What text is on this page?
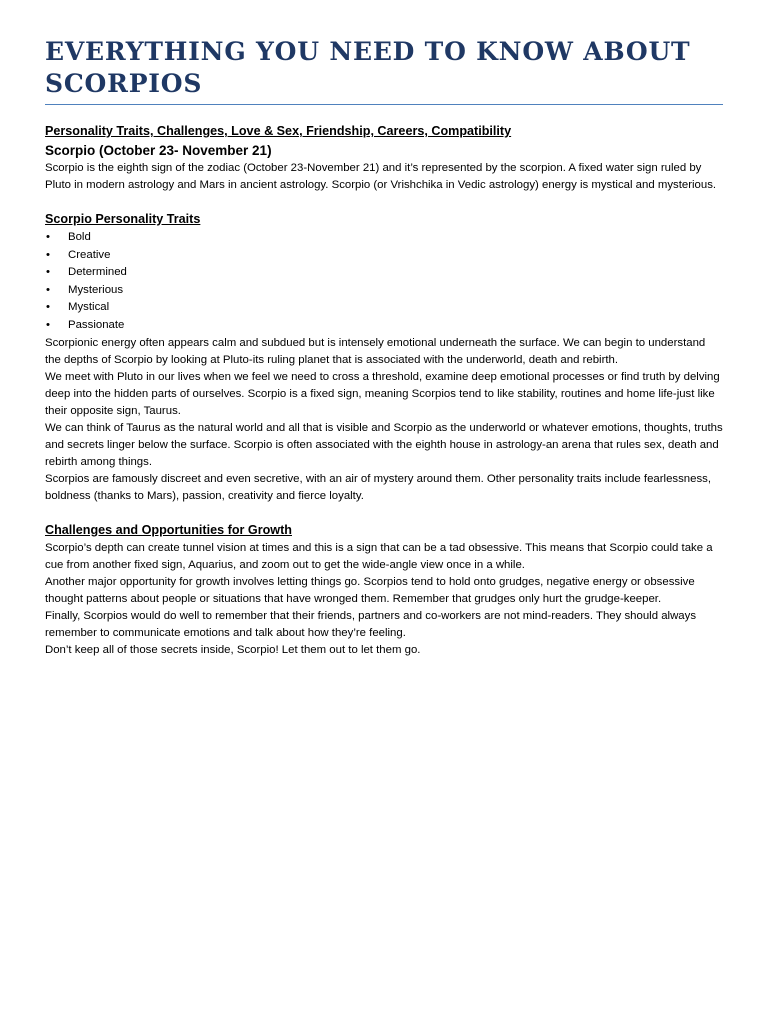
EVERYTHING YOU NEED TO KNOW ABOUT SCORPIOS
Personality Traits, Challenges, Love & Sex, Friendship, Careers, Compatibility
Scorpio (October 23- November 21)

Scorpio is the eighth sign of the zodiac (October 23-November 21) and it’s represented by the scorpion. A fixed water sign ruled by Pluto in modern astrology and Mars in ancient astrology. Scorpio (or Vrishchika in Vedic astrology) energy is mystical and mysterious.

Scorpio Personality Traits
• Bold
• Creative
• Determined
• Mysterious
• Mystical
• Passionate

Scorpionic energy often appears calm and subdued but is intensely emotional underneath the surface. We can begin to understand the depths of Scorpio by looking at Pluto-its ruling planet that is associated with the underworld, death and rebirth.

We meet with Pluto in our lives when we feel we need to cross a threshold, examine deep emotional processes or find truth by delving deep into the hidden parts of ourselves. Scorpio is a fixed sign, meaning Scorpios tend to like stability, routines and home life-just like their opposite sign, Taurus.

We can think of Taurus as the natural world and all that is visible and Scorpio as the underworld or whatever emotions, thoughts, truths and secrets linger below the surface. Scorpio is often associated with the eighth house in astrology-an arena that rules sex, death and rebirth among things.

Scorpios are famously discreet and even secretive, with an air of mystery around them. Other personality traits include fearlessness, boldness (thanks to Mars), passion, creativity and fierce loyalty.

Challenges and Opportunities for Growth

Scorpio’s depth can create tunnel vision at times and this is a sign that can be a tad obsessive. This means that Scorpio could take a cue from another fixed sign, Aquarius, and zoom out to get the wide-angle view once in a while.

Another major opportunity for growth involves letting things go. Scorpios tend to hold onto grudges, negative energy or obsessive thought patterns about people or situations that have wronged them. Remember that grudges only hurt the grudge-keeper.

Finally, Scorpios would do well to remember that their friends, partners and co-workers are not mind-readers. They should always remember to communicate emotions and talk about how they’re feeling.

Don’t keep all of those secrets inside, Scorpio! Let them out to let them go.
